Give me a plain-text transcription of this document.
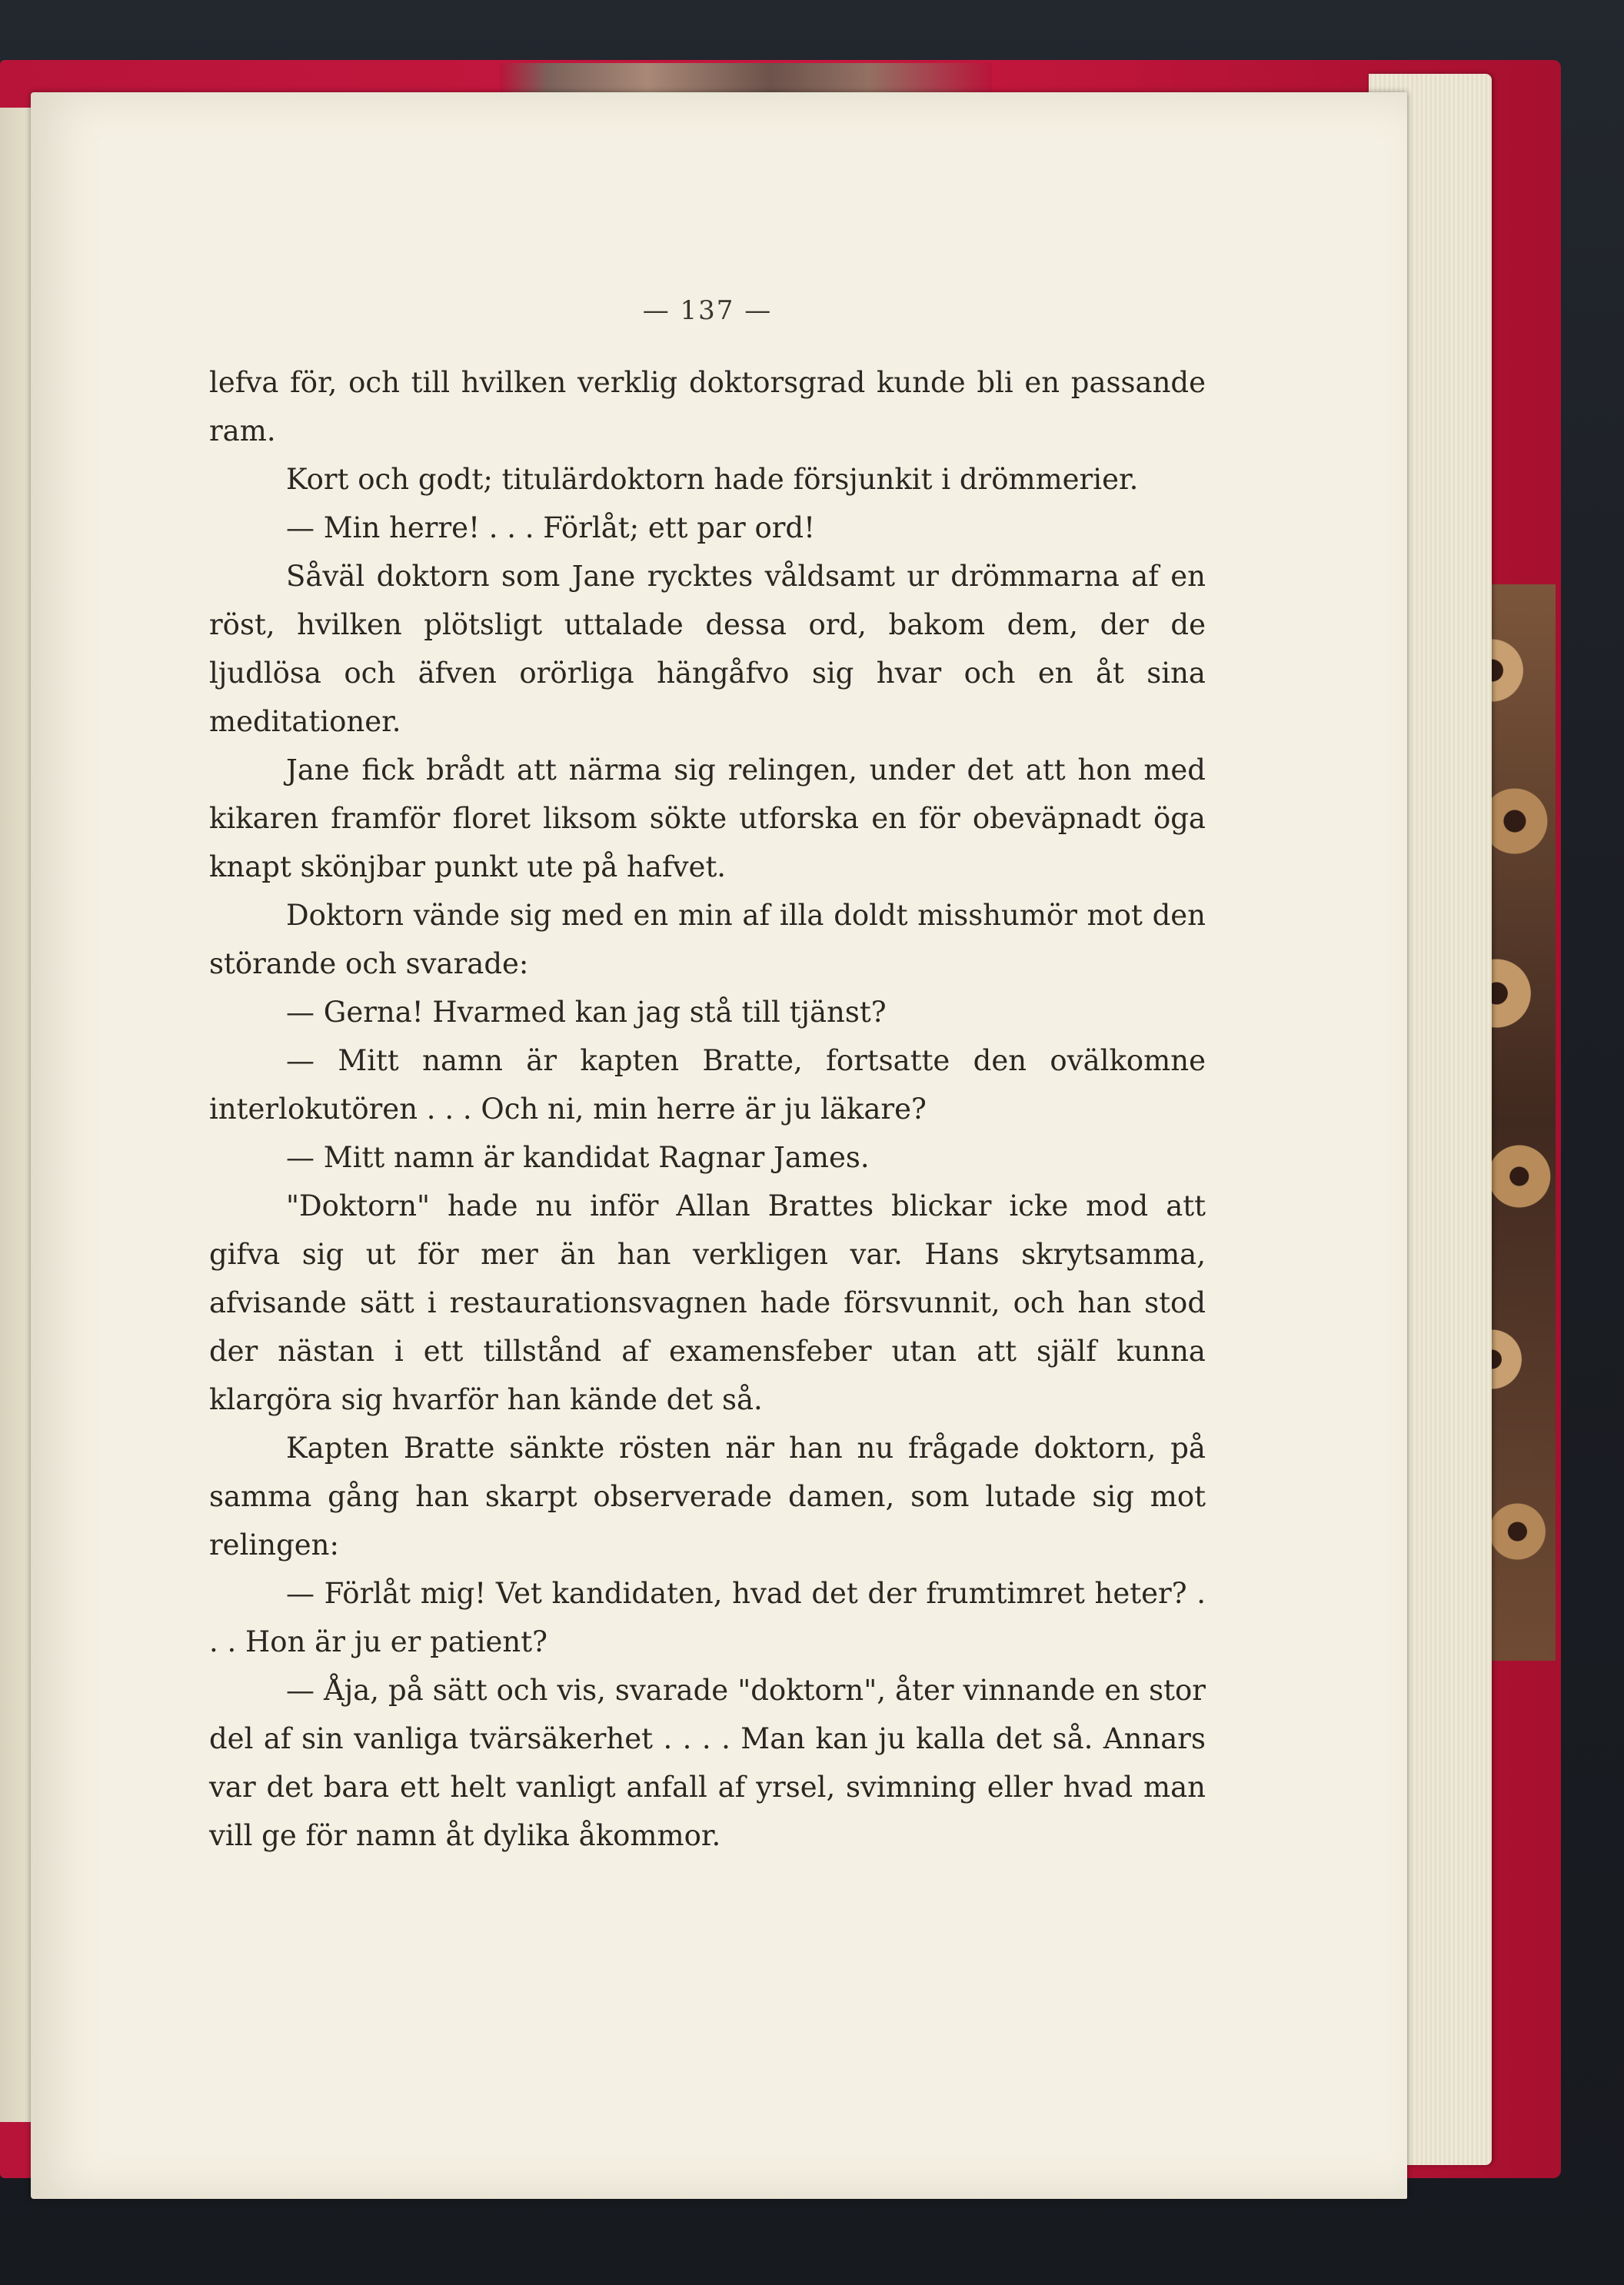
— 137 —

lefva för, och till hvilken verklig doktorsgrad kunde bli en passande ram.

Kort och godt; titulärdoktorn hade försjunkit i drömmerier.

— Min herre! . . . Förlåt; ett par ord!

Såväl doktorn som Jane rycktes våldsamt ur drömmarna af en röst, hvilken plötsligt uttalade dessa ord, bakom dem, der de ljudlösa och äfven orörliga hängåfvo sig hvar och en åt sina meditationer.

Jane fick brådt att närma sig relingen, under det att hon med kikaren framför floret liksom sökte utforska en för obeväpnadt öga knapt skönjbar punkt ute på hafvet.

Doktorn vände sig med en min af illa doldt misshumör mot den störande och svarade:

— Gerna! Hvarmed kan jag stå till tjänst?

— Mitt namn är kapten Bratte, fortsatte den ovälkomne interlokutören . . . Och ni, min herre är ju läkare?

— Mitt namn är kandidat Ragnar James.

"Doktorn" hade nu inför Allan Brattes blickar icke mod att gifva sig ut för mer än han verkligen var. Hans skrytsamma, afvisande sätt i restaurationsvagnen hade försvunnit, och han stod der nästan i ett tillstånd af examensfeber utan att själf kunna klargöra sig hvarför han kände det så.

Kapten Bratte sänkte rösten när han nu frågade doktorn, på samma gång han skarpt observerade damen, som lutade sig mot relingen:

— Förlåt mig! Vet kandidaten, hvad det der frumtimret heter? . . . Hon är ju er patient?

— Åja, på sätt och vis, svarade "doktorn", åter vinnande en stor del af sin vanliga tvärsäkerhet . . . . Man kan ju kalla det så. Annars var det bara ett helt vanligt anfall af yrsel, svimning eller hvad man vill ge för namn åt dylika åkommor.
